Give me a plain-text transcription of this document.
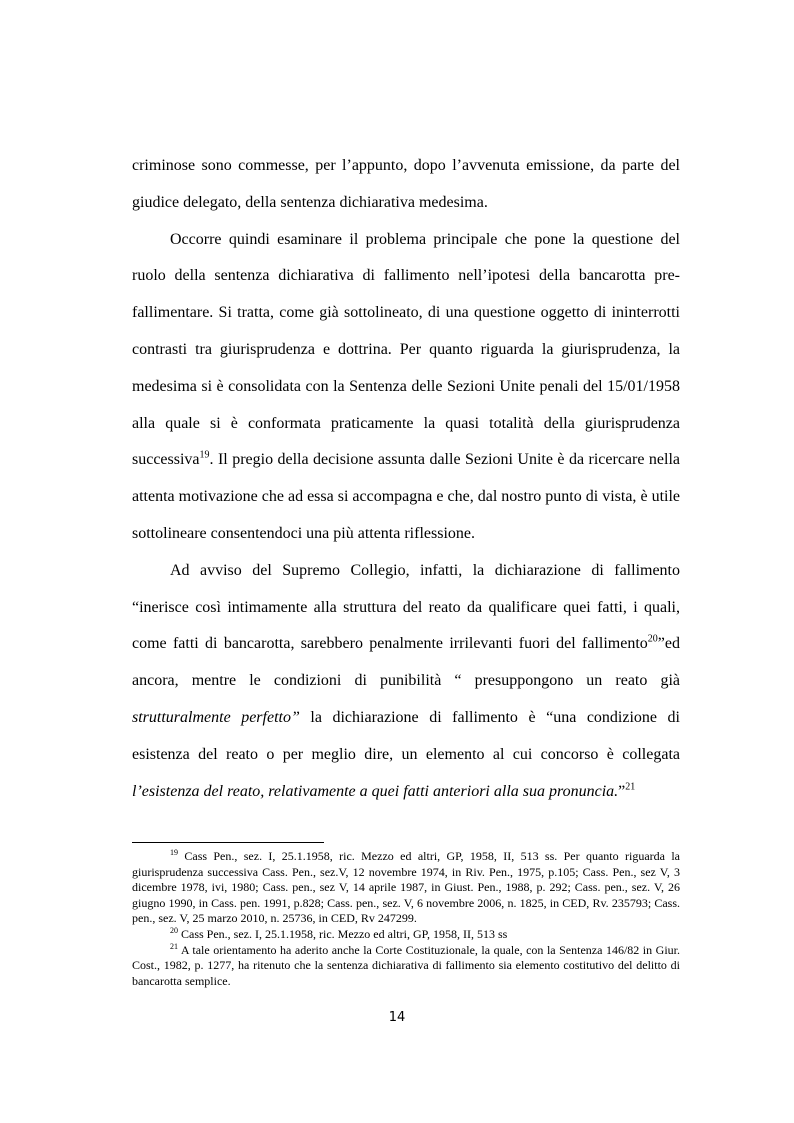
criminose sono commesse, per l’appunto, dopo l’avvenuta emissione, da parte del giudice delegato, della sentenza dichiarativa medesima.

Occorre quindi esaminare il problema principale che pone la questione del ruolo della sentenza dichiarativa di fallimento nell’ipotesi della bancarotta pre-fallimentare. Si tratta, come già sottolineato, di una questione oggetto di ininterrotti contrasti tra giurisprudenza e dottrina. Per quanto riguarda la giurisprudenza, la medesima si è consolidata con la Sentenza delle Sezioni Unite penali del 15/01/1958 alla quale si è conformata praticamente la quasi totalità della giurisprudenza successiva$^{19}$. Il pregio della decisione assunta dalle Sezioni Unite è da ricercare nella attenta motivazione che ad essa si accompagna e che, dal nostro punto di vista, è utile sottolineare consentendoci una più attenta riflessione.

Ad avviso del Supremo Collegio, infatti, la dichiarazione di fallimento “inerisce così intimamente alla struttura del reato da qualificare quei fatti, i quali, come fatti di bancarotta, sarebbero penalmente irrilevanti fuori del fallimento$^{20}$”ed ancora, mentre le condizioni di punibilità “ presuppongono un reato già strutturalmente perfetto” la dichiarazione di fallimento è “una condizione di esistenza del reato o per meglio dire, un elemento al cui concorso è collegata l’esistenza del reato, relativamente a quei fatti anteriori alla sua pronuncia.”$^{21}$

$^{19}$ Cass Pen., sez. I, 25.1.1958, ric. Mezzo ed altri, GP, 1958, II, 513 ss. Per quanto riguarda la giurisprudenza successiva Cass. Pen., sez.V, 12 novembre 1974, in Riv. Pen., 1975, p.105; Cass. Pen., sez V, 3 dicembre 1978, ivi, 1980; Cass. pen., sez V, 14 aprile 1987, in Giust. Pen., 1988, p. 292; Cass. pen., sez. V, 26 giugno 1990, in Cass. pen. 1991, p.828; Cass. pen., sez. V, 6 novembre 2006, n. 1825, in CED, Rv. 235793; Cass. pen., sez. V, 25 marzo 2010, n. 25736, in CED, Rv 247299.

$^{20}$ Cass Pen., sez. I, 25.1.1958, ric. Mezzo ed altri, GP, 1958, II, 513 ss

$^{21}$ A tale orientamento ha aderito anche la Corte Costituzionale, la quale, con la Sentenza 146/82 in Giur. Cost., 1982, p. 1277, ha ritenuto che la sentenza dichiarativa di fallimento sia elemento costitutivo del delitto di bancarotta semplice.

14
